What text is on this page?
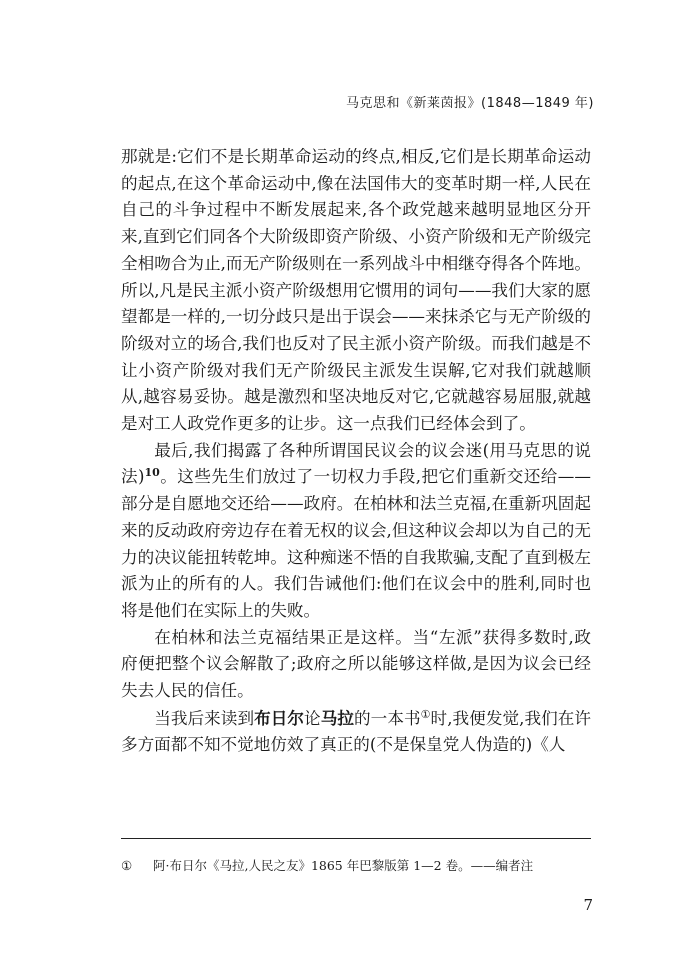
马克思和《新莱茵报》(1848—1849 年)

那就是:它们不是长期革命运动的终点,相反,它们是长期革命运动的起点,在这个革命运动中,像在法国伟大的变革时期一样,人民在自己的斗争过程中不断发展起来,各个政党越来越明显地区分开来,直到它们同各个大阶级即资产阶级、小资产阶级和无产阶级完全相吻合为止,而无产阶级则在一系列战斗中相继夺得各个阵地。所以,凡是民主派小资产阶级想用它惯用的词句——我们大家的愿望都是一样的,一切分歧只是出于误会——来抹杀它与无产阶级的阶级对立的场合,我们也反对了民主派小资产阶级。而我们越是不让小资产阶级对我们无产阶级民主派发生误解,它对我们就越顺从,越容易妥协。越是激烈和坚决地反对它,它就越容易屈服,就越是对工人政党作更多的让步。这一点我们已经体会到了。

最后,我们揭露了各种所谓国民议会的议会迷(用马克思的说法)$^{10}$。这些先生们放过了一切权力手段,把它们重新交还给——部分是自愿地交还给——政府。在柏林和法兰克福,在重新巩固起来的反动政府旁边存在着无权的议会,但这种议会却以为自己的无力的决议能扭转乾坤。这种痴迷不悟的自我欺骗,支配了直到极左派为止的所有的人。我们告诫他们:他们在议会中的胜利,同时也将是他们在实际上的失败。

在柏林和法兰克福结果正是这样。当“左派”获得多数时,政府便把整个议会解散了;政府之所以能够这样做,是因为议会已经失去人民的信任。

当我后来读到布日尔论马拉的一本书①时,我便发觉,我们在许多方面都不知不觉地仿效了真正的(不是保皇党人伪造的)《人

① 阿·布日尔《马拉,人民之友》1865 年巴黎版第 1—2 卷。——编者注
7
